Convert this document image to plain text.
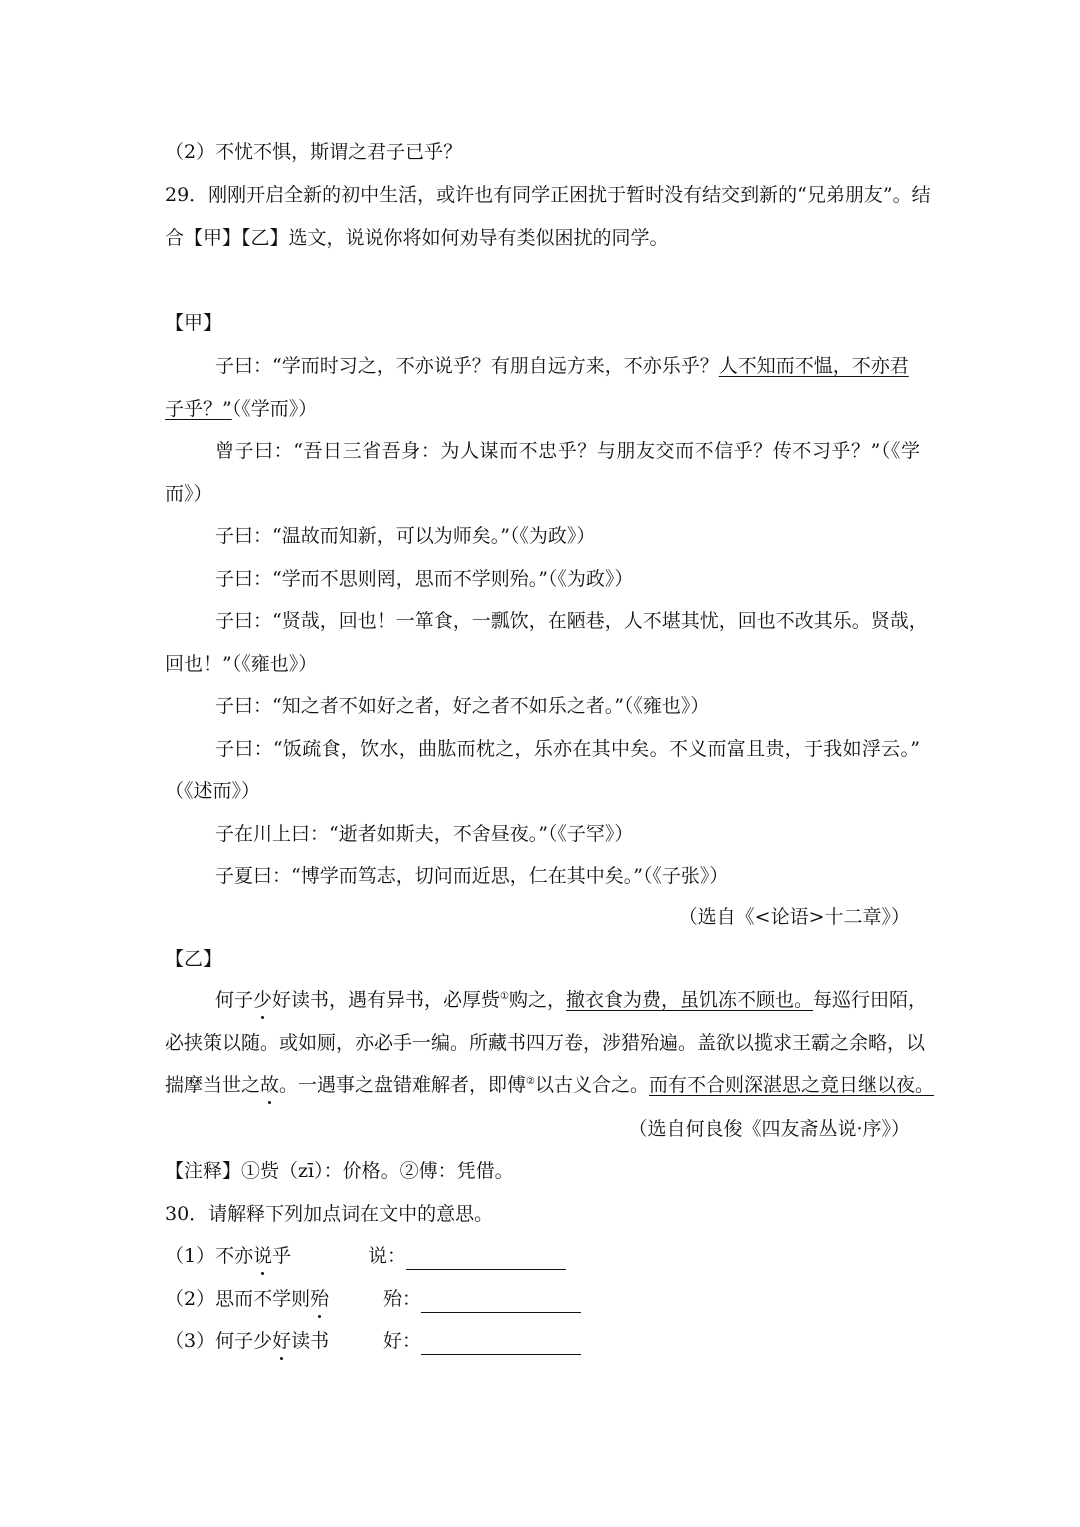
（2）不忧不惧，斯谓之君子已乎？
29．刚刚开启全新的初中生活，或许也有同学正困扰于暂时没有结交到新的“兄弟朋友”。结
合【甲】【乙】选文，说说你将如何劝导有类似困扰的同学。
【甲】
子曰：“学而时习之，不亦说乎？有朋自远方来，不亦乐乎？人不知而不愠，不亦君
子乎？”（《学而》）
曾子曰：“吾日三省吾身：为人谋而不忠乎？与朋友交而不信乎？传不习乎？”（《学
而》）
子曰：“温故而知新，可以为师矣。”（《为政》）
子曰：“学而不思则罔，思而不学则殆。”（《为政》）
子曰：“贤哉，回也！一箪食，一瓢饮，在陋巷，人不堪其忧，回也不改其乐。贤哉，
回也！”（《雍也》）
子曰：“知之者不如好之者，好之者不如乐之者。”（《雍也》）
子曰：“饭疏食，饮水，曲肱而枕之，乐亦在其中矣。不义而富且贵，于我如浮云。”
（《述而》）
子在川上曰：“逝者如斯夫，不舍昼夜。”（《子罕》）
子夏曰：“博学而笃志，切问而近思，仁在其中矣。”（《子张》）
（选自《<论语>十二章》）
【乙】
何子少好读书，遇有异书，必厚赀①购之，撤衣食为费，虽饥冻不顾也。每巡行田陌，
必挟策以随。或如厕，亦必手一编。所藏书四万卷，涉猎殆遍。盖欲以揽求王霸之余略，以
揣摩当世之故。一遇事之盘错难解者，即傅②以古义合之。而有不合则深湛思之竟日继以夜。
（选自何良俊《四友斋丛说·序》）
【注释】①赀（zī）：价格。②傅：凭借。
30．请解释下列加点词在文中的意思。
（1）不亦说乎	说：
（2）思而不学则殆	殆：
（3）何子少好读书	好：
